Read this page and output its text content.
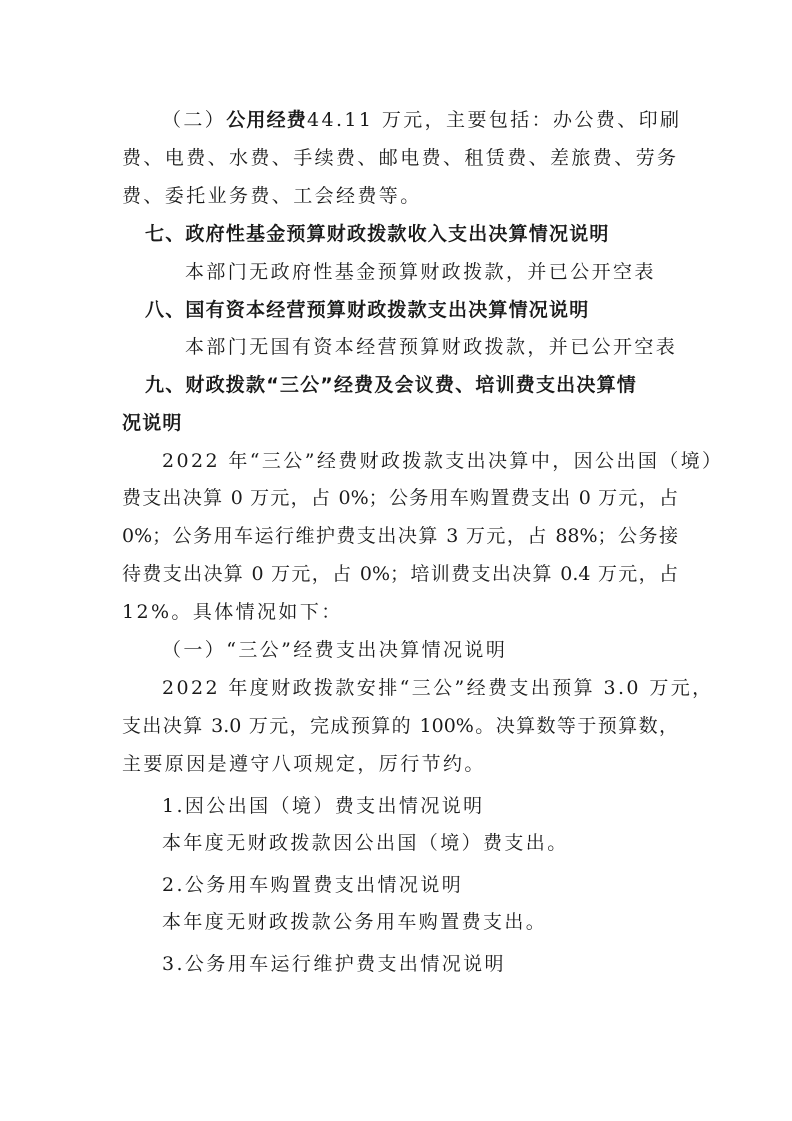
（二）公用经费44.11 万元，主要包括：办公费、印刷
费、电费、水费、手续费、邮电费、租赁费、差旅费、劳务
费、委托业务费、工会经费等。
七、政府性基金预算财政拨款收入支出决算情况说明
本部门无政府性基金预算财政拨款，并已公开空表
八、国有资本经营预算财政拨款支出决算情况说明
本部门无国有资本经营预算财政拨款，并已公开空表
九、财政拨款“三公”经费及会议费、培训费支出决算情
况说明
2022 年“三公”经费财政拨款支出决算中，因公出国（境）
费支出决算 0 万元，占 0%；公务用车购置费支出 0 万元，占
0%；公务用车运行维护费支出决算 3 万元，占 88%；公务接
待费支出决算 0 万元，占 0%；培训费支出决算 0.4 万元，占
12%。具体情况如下：
（一）“三公”经费支出决算情况说明
2022 年度财政拨款安排“三公”经费支出预算 3.0 万元，
支出决算 3.0 万元，完成预算的 100%。决算数等于预算数，
主要原因是遵守八项规定，厉行节约。
1.因公出国（境）费支出情况说明
本年度无财政拨款因公出国（境）费支出。
2.公务用车购置费支出情况说明
本年度无财政拨款公务用车购置费支出。
3.公务用车运行维护费支出情况说明
